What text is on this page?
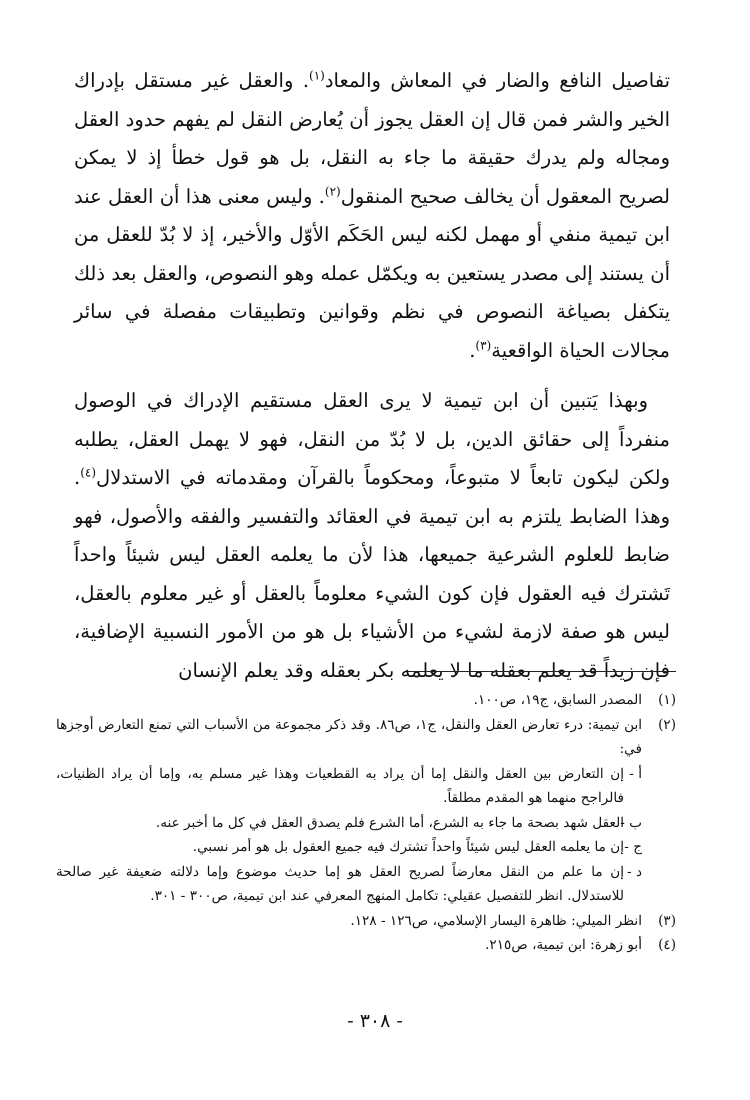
تفاصيل النافع والضار في المعاش والمعاد$^{(١)}$. والعقل غير مستقل بإدراك الخير والشر فمن قال إن العقل يجوز أن يُعارض النقل لم يفهم حدود العقل ومجاله ولم يدرك حقيقة ما جاء به النقل، بل هو قول خطأ إذ لا يمكن لصريح المعقول أن يخالف صحيح المنقول$^{(٢)}$. وليس معنى هذا أن العقل عند ابن تيمية منفي أو مهمل لكنه ليس الحَكَم الأوّل والأخير، إذ لا بُدّ للعقل من أن يستند إلى مصدر يستعين به ويكمّل عمله وهو النصوص، والعقل بعد ذلك يتكفل بصياغة النصوص في نظم وقوانين وتطبيقات مفصلة في سائر مجالات الحياة الواقعية$^{(٣)}$.

وبهذا يَتبين أن ابن تيمية لا يرى العقل مستقيم الإدراك في الوصول منفرداً إلى حقائق الدين، بل لا بُدّ من النقل، فهو لا يهمل العقل، يطلبه ولكن ليكون تابعاً لا متبوعاً، ومحكوماً بالقرآن ومقدماته في الاستدلال$^{(٤)}$. وهذا الضابط يلتزم به ابن تيمية في العقائد والتفسير والفقه والأصول، فهو ضابط للعلوم الشرعية جميعها، هذا لأن ما يعلمه العقل ليس شيئاً واحداً تَشترك فيه العقول فإن كون الشيء معلوماً بالعقل أو غير معلوم بالعقل، ليس هو صفة لازمة لشيء من الأشياء بل هو من الأمور النسبية الإضافية، فإن زيداً قد يعلم بعقله ما لا يعلمه بكر بعقله وقد يعلم الإنسان

(١)
المصدر السابق، ج١٩، ص١٠٠.
(٢)
ابن تيمية: درء تعارض العقل والنقل، ج١، ص٨٦. وقد ذكر مجموعة من الأسباب التي تمنع التعارض أوجزها في:
أ -
إن التعارض بين العقل والنقل إما أن يراد به القطعيات وهذا غير مسلم به، وإما أن يراد الظنيات، فالراجح منهما هو المقدم مطلقاً.
ب -
العقل شهد بصحة ما جاء به الشرع، أما الشرع فلم يصدق العقل في كل ما أخبر عنه.
ج -
إن ما يعلمه العقل ليس شيئاً واحداً تشترك فيه جميع العقول بل هو أمر نسبي.
د -
إن ما علم من النقل معارضاً لصريح العقل هو إما حديث موضوع وإما دلالته ضعيفة غير صالحة للاستدلال. انظر للتفصيل عقيلي: تكامل المنهج المعرفي عند ابن تيمية، ص٣٠٠ - ٣٠١.
(٣)
انظر الميلي: ظاهرة اليسار الإسلامي، ص١٢٦ - ١٢٨.
(٤)
أبو زهرة: ابن تيمية، ص٢١٥.
- ٣٠٨ -
